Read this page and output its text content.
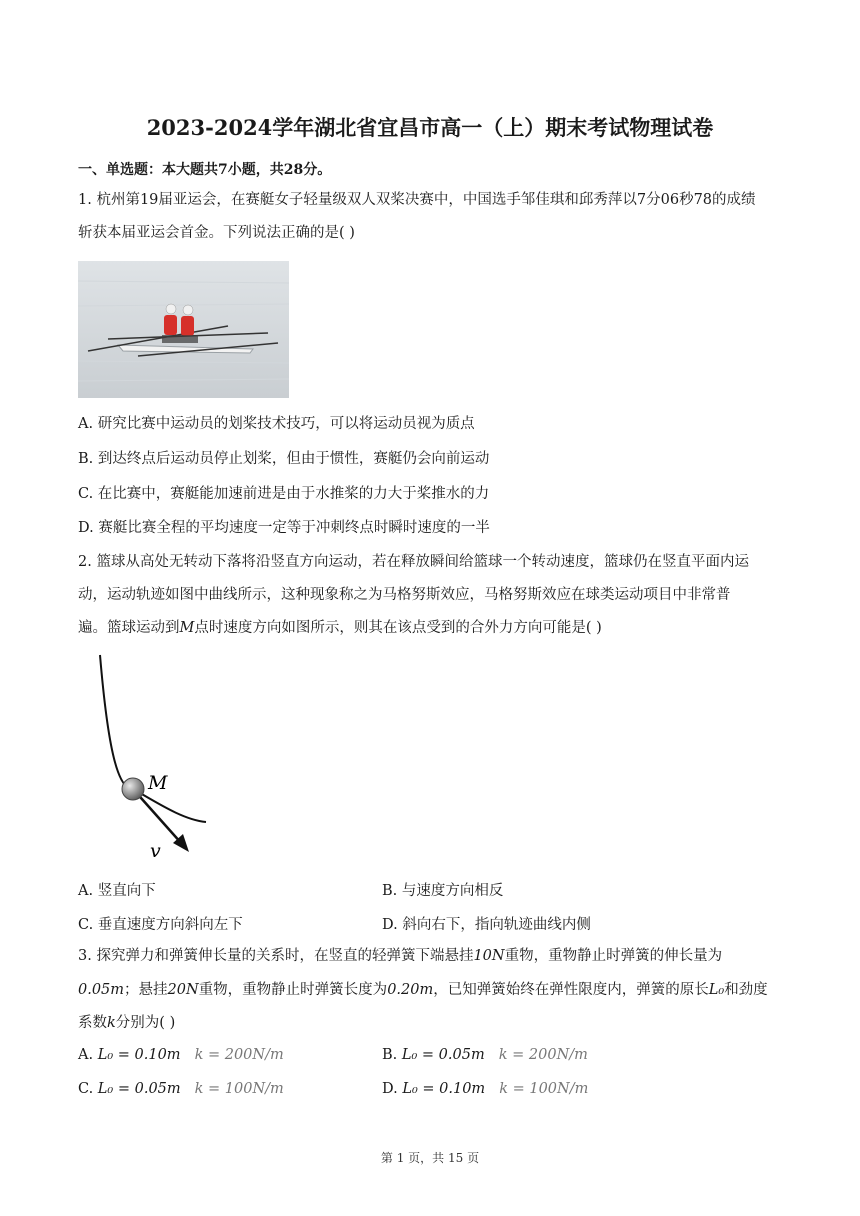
2023-2024学年湖北省宜昌市高一（上）期末考试物理试卷
一、单选题：本大题共7小题，共28分。
1. 杭州第19届亚运会，在赛艇女子轻量级双人双桨决赛中，中国选手邹佳琪和邱秀萍以7分06秒78的成绩
斩获本届亚运会首金。下列说法正确的是( )
A. 研究比赛中运动员的划桨技术技巧，可以将运动员视为质点
B. 到达终点后运动员停止划桨，但由于惯性，赛艇仍会向前运动
C. 在比赛中，赛艇能加速前进是由于水推桨的力大于桨推水的力
D. 赛艇比赛全程的平均速度一定等于冲刺终点时瞬时速度的一半
2. 篮球从高处无转动下落将沿竖直方向运动，若在释放瞬间给篮球一个转动速度，篮球仍在竖直平面内运
动，运动轨迹如图中曲线所示，这种现象称之为马格努斯效应，马格努斯效应在球类运动项目中非常普
遍。篮球运动到M点时速度方向如图所示，则其在该点受到的合外力方向可能是( )
M
v
A. 竖直向下	B. 与速度方向相反
C. 垂直速度方向斜向左下	D. 斜向右下，指向轨迹曲线内侧
3. 探究弹力和弹簧伸长量的关系时，在竖直的轻弹簧下端悬挂10N重物，重物静止时弹簧的伸长量为
0.05m；悬挂20N重物，重物静止时弹簧长度为0.20m，已知弹簧始终在弹性限度内，弹簧的原长L₀和劲度
系数k分别为( )
A. L₀ = 0.10m k = 200N/m	B. L₀ = 0.05m k = 200N/m
C. L₀ = 0.05m k = 100N/m	D. L₀ = 0.10m k = 100N/m
第 1 页，共 15 页
